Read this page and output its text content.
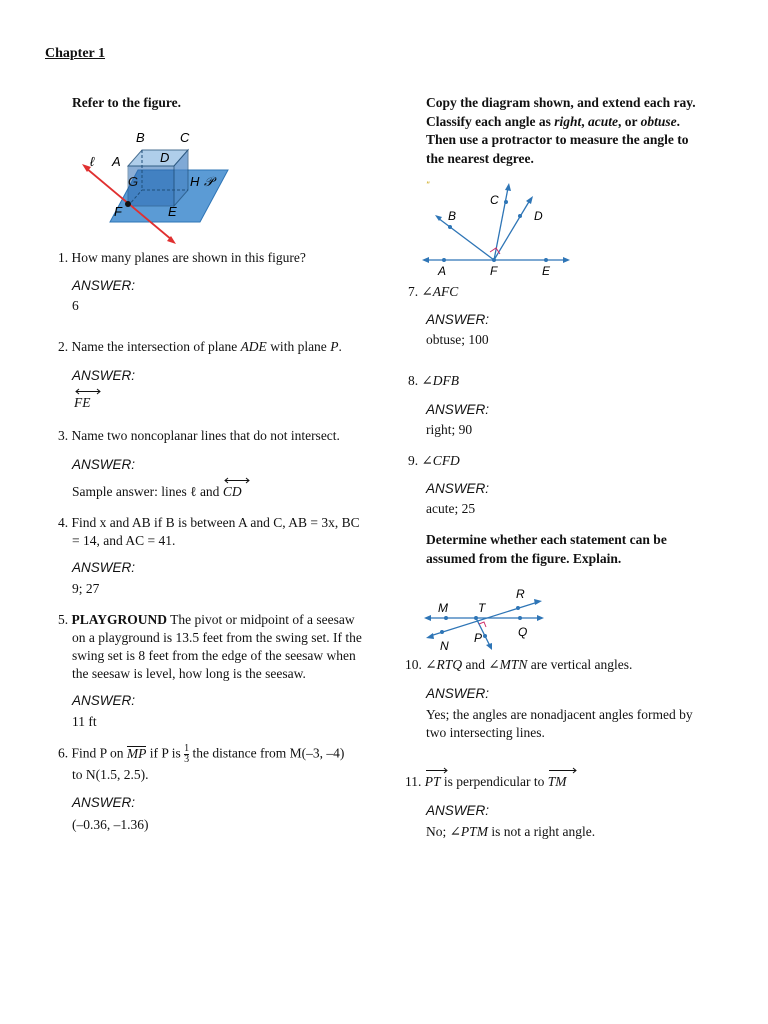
Chapter 1
Refer to the figure.
B	C
ℓ A	D
G	H 𝒫
F	E
1. How many planes are shown in this figure?
ANSWER:
6
2. Name the intersection of plane ADE with plane P.
ANSWER:
FE
3. Name two noncoplanar lines that do not intersect.
ANSWER:
Sample answer: lines ℓ and
CD
4. Find x and AB if B is between A and C, AB = 3x, BC
= 14, and AC = 41.
ANSWER:
9; 27
5. PLAYGROUND The pivot or midpoint of a seesaw
on a playground is 13.5 feet from the swing set. If the
swing set is 8 feet from the edge of the seesaw when
the seesaw is level, how long is the seesaw.
ANSWER:
11 ft
6. Find P on MP if P is $\frac{1}{3}$ the distance from M(–3, –4)
to N(1.5, 2.5).
ANSWER:
(–0.36, –1.36)
Copy the diagram shown, and extend each ray.
Classify each angle as right, acute, or obtuse.
Then use a protractor to measure the angle to
the nearest degree.
"
C
B	D
A	F	E
7. ∠AFC
ANSWER:
obtuse; 100
8. ∠DFB
ANSWER:
right; 90
9. ∠CFD
ANSWER:
acute; 25
Determine whether each statement can be
assumed from the figure. Explain.
R
M	T
N
P	Q
10. ∠RTQ and ∠MTN are vertical angles.
ANSWER:
Yes; the angles are nonadjacent angles formed by
two intersecting lines.
11. PT is perpendicular to
TM
ANSWER:
No; ∠PTM is not a right angle.
